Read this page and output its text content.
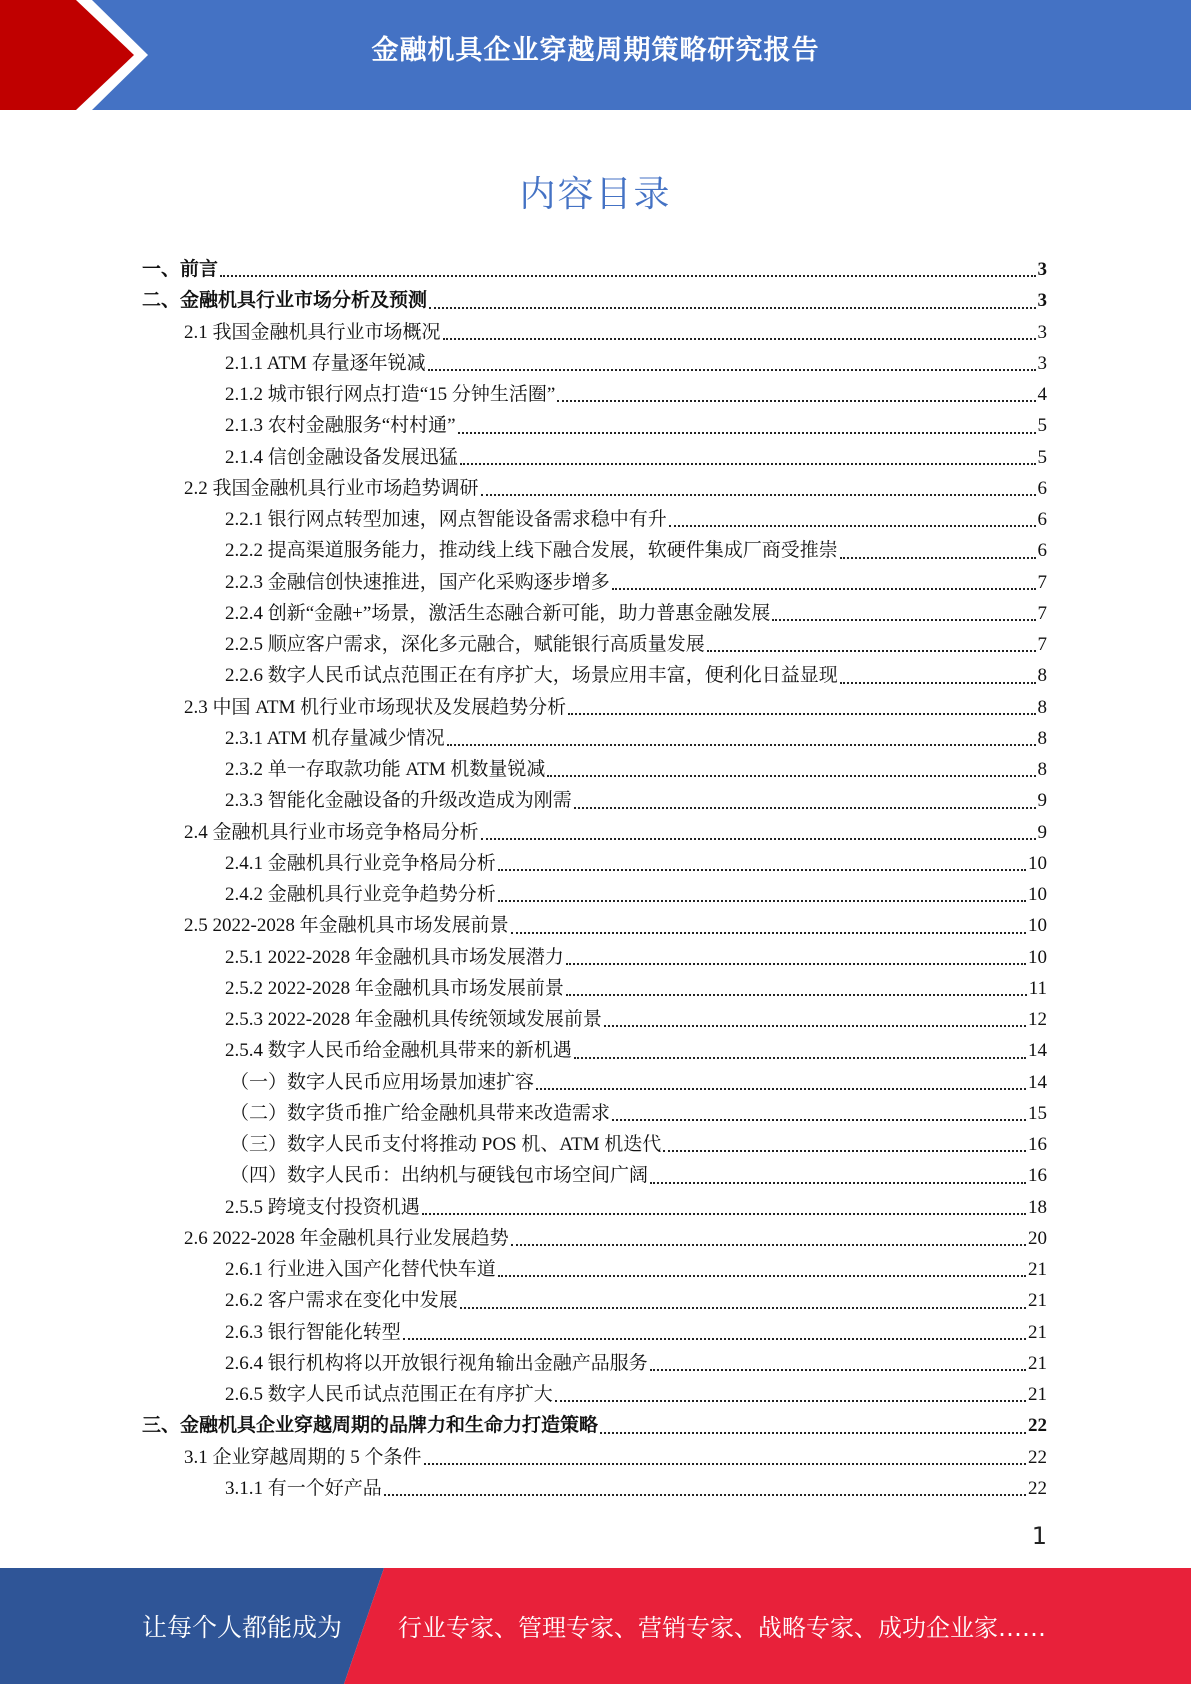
金融机具企业穿越周期策略研究报告
内容目录
一、前言	3
二、金融机具行业市场分析及预测	3
2.1 我国金融机具行业市场概况	3
2.1.1 ATM 存量逐年锐减	3
2.1.2 城市银行网点打造“15 分钟生活圈”	4
2.1.3 农村金融服务“村村通”	5
2.1.4 信创金融设备发展迅猛	5
2.2 我国金融机具行业市场趋势调研	6
2.2.1 银行网点转型加速，网点智能设备需求稳中有升	6
2.2.2 提高渠道服务能力，推动线上线下融合发展，软硬件集成厂商受推崇	6
2.2.3 金融信创快速推进，国产化采购逐步增多	7
2.2.4 创新“金融+”场景，激活生态融合新可能，助力普惠金融发展	7
2.2.5 顺应客户需求，深化多元融合，赋能银行高质量发展	7
2.2.6 数字人民币试点范围正在有序扩大，场景应用丰富，便利化日益显现	8
2.3 中国 ATM 机行业市场现状及发展趋势分析	8
2.3.1 ATM 机存量减少情况	8
2.3.2 单一存取款功能 ATM 机数量锐减	8
2.3.3 智能化金融设备的升级改造成为刚需	9
2.4 金融机具行业市场竞争格局分析	9
2.4.1 金融机具行业竞争格局分析	10
2.4.2 金融机具行业竞争趋势分析	10
2.5 2022-2028 年金融机具市场发展前景	10
2.5.1 2022-2028 年金融机具市场发展潜力	10
2.5.2 2022-2028 年金融机具市场发展前景	11
2.5.3 2022-2028 年金融机具传统领域发展前景	12
2.5.4 数字人民币给金融机具带来的新机遇	14
（一）数字人民币应用场景加速扩容	14
（二）数字货币推广给金融机具带来改造需求	15
（三）数字人民币支付将推动 POS 机、ATM 机迭代	16
（四）数字人民币：出纳机与硬钱包市场空间广阔	16
2.5.5 跨境支付投资机遇	18
2.6 2022-2028 年金融机具行业发展趋势	20
2.6.1 行业进入国产化替代快车道	21
2.6.2 客户需求在变化中发展	21
2.6.3 银行智能化转型	21
2.6.4 银行机构将以开放银行视角输出金融产品服务	21
2.6.5 数字人民币试点范围正在有序扩大	21
三、金融机具企业穿越周期的品牌力和生命力打造策略	22
3.1 企业穿越周期的 5 个条件	22
3.1.1 有一个好产品	22
1
让每个人都能成为 行业专家、管理专家、营销专家、战略专家、成功企业家……
